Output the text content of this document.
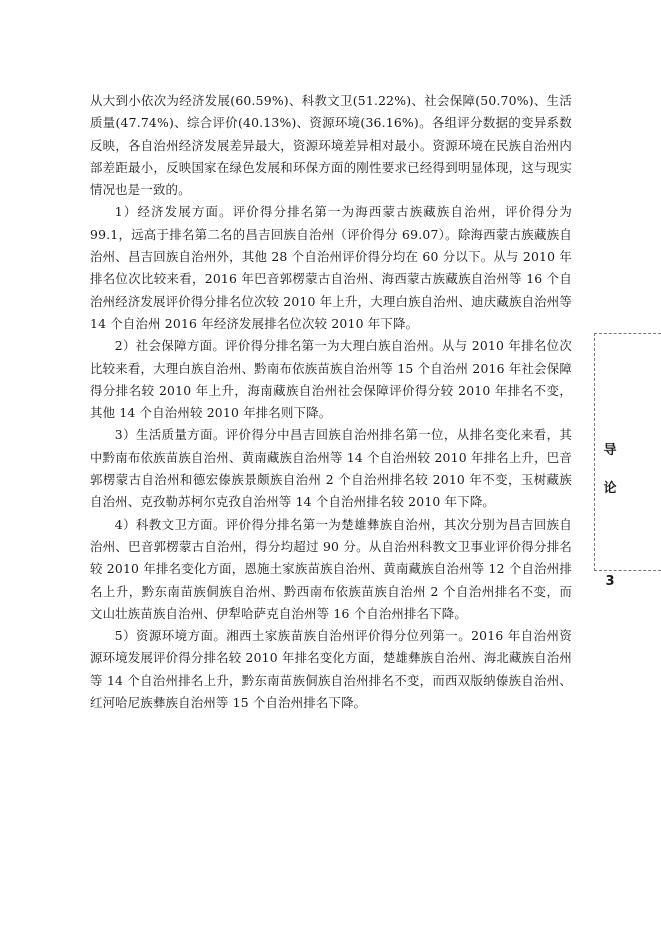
从大到小依次为经济发展(60.59%)、科教文卫(51.22%)、社会保障(50.70%)、生活质量(47.74%)、综合评价(40.13%)、资源环境(36.16%)。各组评分数据的变异系数反映，各自治州经济发展差异最大，资源环境差异相对最小。资源环境在民族自治州内部差距最小，反映国家在绿色发展和环保方面的刚性要求已经得到明显体现，这与现实情况也是一致的。

1）经济发展方面。评价得分排名第一为海西蒙古族藏族自治州，评价得分为 99.1，远高于排名第二名的昌吉回族自治州（评价得分 69.07）。除海西蒙古族藏族自治州、昌吉回族自治州外，其他 28 个自治州评价得分均在 60 分以下。从与 2010 年排名位次比较来看，2016 年巴音郭楞蒙古自治州、海西蒙古族藏族自治州等 16 个自治州经济发展评价得分排名位次较 2010 年上升，大理白族自治州、迪庆藏族自治州等 14 个自治州 2016 年经济发展排名位次较 2010 年下降。

2）社会保障方面。评价得分排名第一为大理白族自治州。从与 2010 年排名位次比较来看，大理白族自治州、黔南布依族苗族自治州等 15 个自治州 2016 年社会保障得分排名较 2010 年上升，海南藏族自治州社会保障评价得分较 2010 年排名不变，其他 14 个自治州较 2010 年排名则下降。

3）生活质量方面。评价得分中昌吉回族自治州排名第一位，从排名变化来看，其中黔南布依族苗族自治州、黄南藏族自治州等 14 个自治州较 2010 年排名上升，巴音郭楞蒙古自治州和德宏傣族景颇族自治州 2 个自治州排名较 2010 年不变，玉树藏族自治州、克孜勒苏柯尔克孜自治州等 14 个自治州排名较 2010 年下降。

4）科教文卫方面。评价得分排名第一为楚雄彝族自治州，其次分别为昌吉回族自治州、巴音郭楞蒙古自治州，得分均超过 90 分。从自治州科教文卫事业评价得分排名较 2010 年排名变化方面，恩施土家族苗族自治州、黄南藏族自治州等 12 个自治州排名上升，黔东南苗族侗族自治州、黔西南布依族苗族自治州 2 个自治州排名不变，而文山壮族苗族自治州、伊犁哈萨克自治州等 16 个自治州排名下降。

5）资源环境方面。湘西土家族苗族自治州评价得分位列第一。2016 年自治州资源环境发展评价得分排名较 2010 年排名变化方面，楚雄彝族自治州、海北藏族自治州等 14 个自治州排名上升，黔东南苗族侗族自治州排名不变，而西双版纳傣族自治州、红河哈尼族彝族自治州等 15 个自治州排名下降。

导
论
3
